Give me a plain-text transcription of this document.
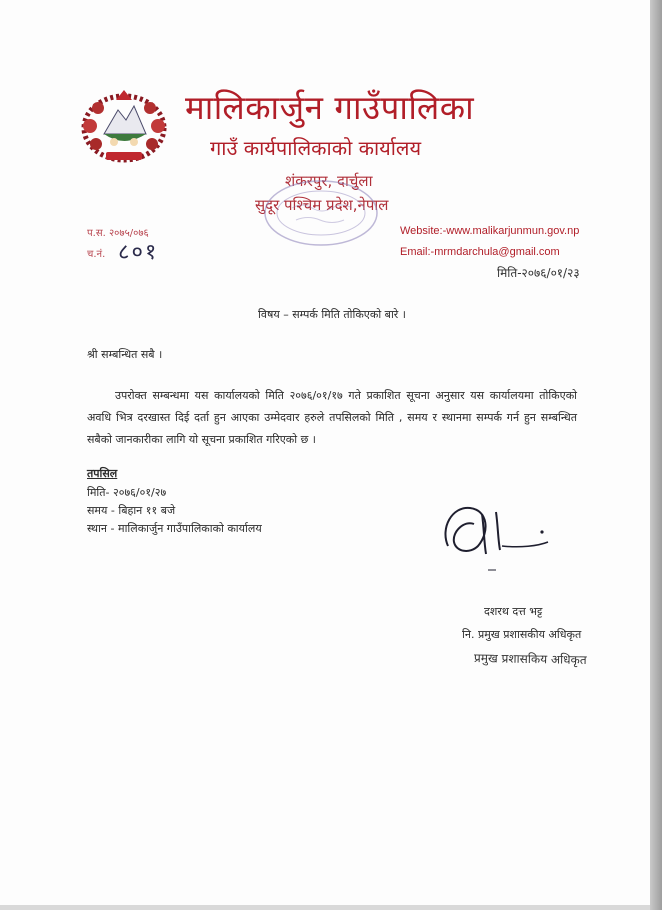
मालिकार्जुन गाउँपालिका
गाउँ कार्यपालिकाको कार्यालय
शंकरपुर, दार्चुला
सुदूर पश्चिम प्रदेश,नेपाल
प.स. २०७५/०७६
च.नं. ८०१
Website:-www.malikarjunmun.gov.np
Email:-mrmdarchula@gmail.com
मिति-२०७६/०१/२३
विषय – सम्पर्क मिति तोकिएको बारे ।
श्री सम्बन्धित सबै ।
उपरोक्त सम्बन्धमा यस कार्यालयको मिति २०७६/०१/१७ गते प्रकाशित सूचना अनुसार यस कार्यालयमा तोकिएको अवधि भित्र दरखास्त दिई दर्ता हुन आएका उम्मेदवार हरुले तपसिलको मिति , समय र स्थानमा सम्पर्क गर्न हुन सम्बन्धित सबैको जानकारीका लागि यो सूचना प्रकाशित गरिएको छ ।
तपसिल
मिति- २०७६/०१/२७
समय - बिहान ११ बजे
स्थान - मालिकार्जुन गाउँपालिकाको कार्यालय
दशरथ दत्त भट्ट
नि. प्रमुख प्रशासकीय अधिकृत
प्रमुख प्रशासकिय अधिकृत
